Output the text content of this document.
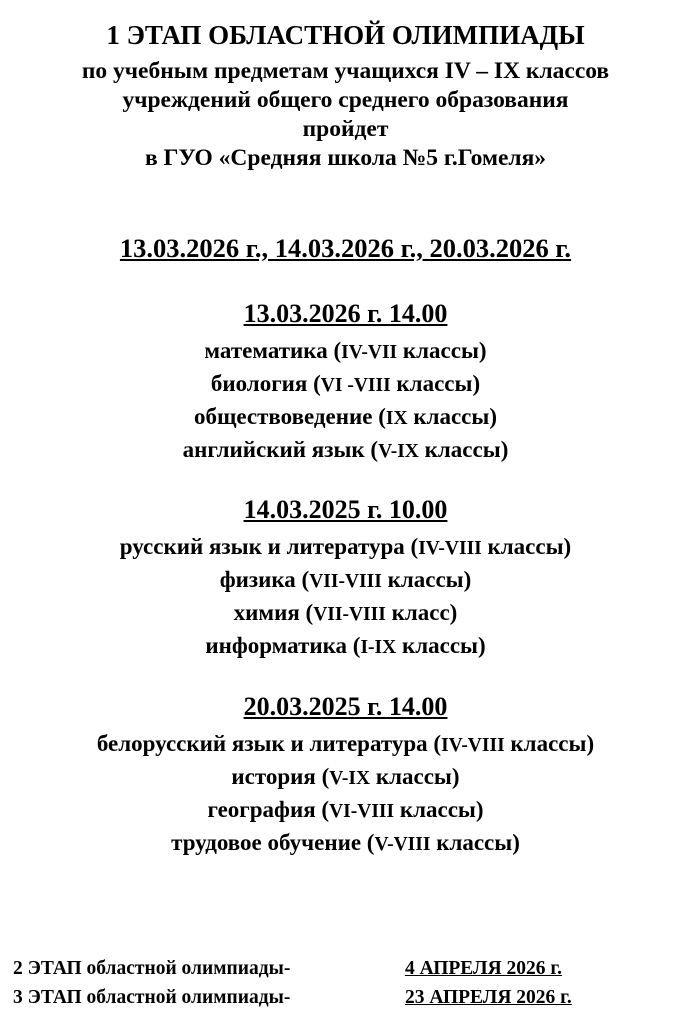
1 ЭТАП ОБЛАСТНОЙ ОЛИМПИАДЫ
по учебным предметам учащихся IV – IX классов
учреждений общего среднего образования
пройдет
в ГУО «Средняя школа №5 г.Гомеля»
13.03.2026 г., 14.03.2026 г., 20.03.2026 г.
13.03.2026 г. 14.00
математика (IV-VII классы)
биология (VI -VIII классы)
обществоведение (IX классы)
английский язык (V-IX классы)
14.03.2025 г. 10.00
русский язык и литература (IV-VIII классы)
физика (VII-VIII классы)
химия (VII-VIII класс)
информатика (I-IX классы)
20.03.2025 г. 14.00
белорусский язык и литература (IV-VIII классы)
история (V-IX классы)
география (VI-VIII классы)
трудовое обучение (V-VIII классы)
2 ЭТАП областной олимпиады-	4 АПРЕЛЯ 2026 г.
3 ЭТАП областной олимпиады-	23 АПРЕЛЯ 2026 г.
